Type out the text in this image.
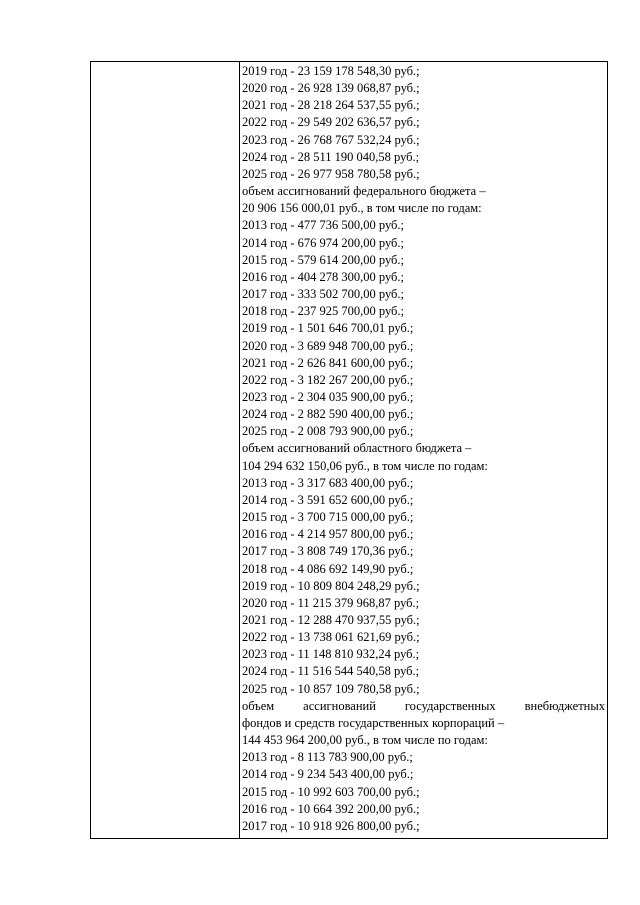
2019 год - 23 159 178 548,30 руб.;
2020 год - 26 928 139 068,87 руб.;
2021 год - 28 218 264 537,55 руб.;
2022 год - 29 549 202 636,57 руб.;
2023 год - 26 768 767 532,24 руб.;
2024 год - 28 511 190 040,58 руб.;
2025 год - 26 977 958 780,58 руб.;
объем ассигнований федерального бюджета –
20 906 156 000,01 руб., в том числе по годам:
2013 год - 477 736 500,00 руб.;
2014 год - 676 974 200,00 руб.;
2015 год - 579 614 200,00 руб.;
2016 год - 404 278 300,00 руб.;
2017 год - 333 502 700,00 руб.;
2018 год - 237 925 700,00 руб.;
2019 год - 1 501 646 700,01 руб.;
2020 год - 3 689 948 700,00 руб.;
2021 год - 2 626 841 600,00 руб.;
2022 год - 3 182 267 200,00 руб.;
2023 год - 2 304 035 900,00 руб.;
2024 год - 2 882 590 400,00 руб.;
2025 год - 2 008 793 900,00 руб.;
объем ассигнований областного бюджета –
104 294 632 150,06 руб., в том числе по годам:
2013 год - 3 317 683 400,00 руб.;
2014 год - 3 591 652 600,00 руб.;
2015 год - 3 700 715 000,00 руб.;
2016 год - 4 214 957 800,00 руб.;
2017 год - 3 808 749 170,36 руб.;
2018 год - 4 086 692 149,90 руб.;
2019 год - 10 809 804 248,29 руб.;
2020 год - 11 215 379 968,87 руб.;
2021 год - 12 288 470 937,55 руб.;
2022 год - 13 738 061 621,69 руб.;
2023 год - 11 148 810 932,24 руб.;
2024 год - 11 516 544 540,58 руб.;
2025 год - 10 857 109 780,58 руб.;
объем ассигнований государственных внебюджетных
фондов и средств государственных корпораций –
144 453 964 200,00 руб., в том числе по годам:
2013 год - 8 113 783 900,00 руб.;
2014 год - 9 234 543 400,00 руб.;
2015 год - 10 992 603 700,00 руб.;
2016 год - 10 664 392 200,00 руб.;
2017 год - 10 918 926 800,00 руб.;
